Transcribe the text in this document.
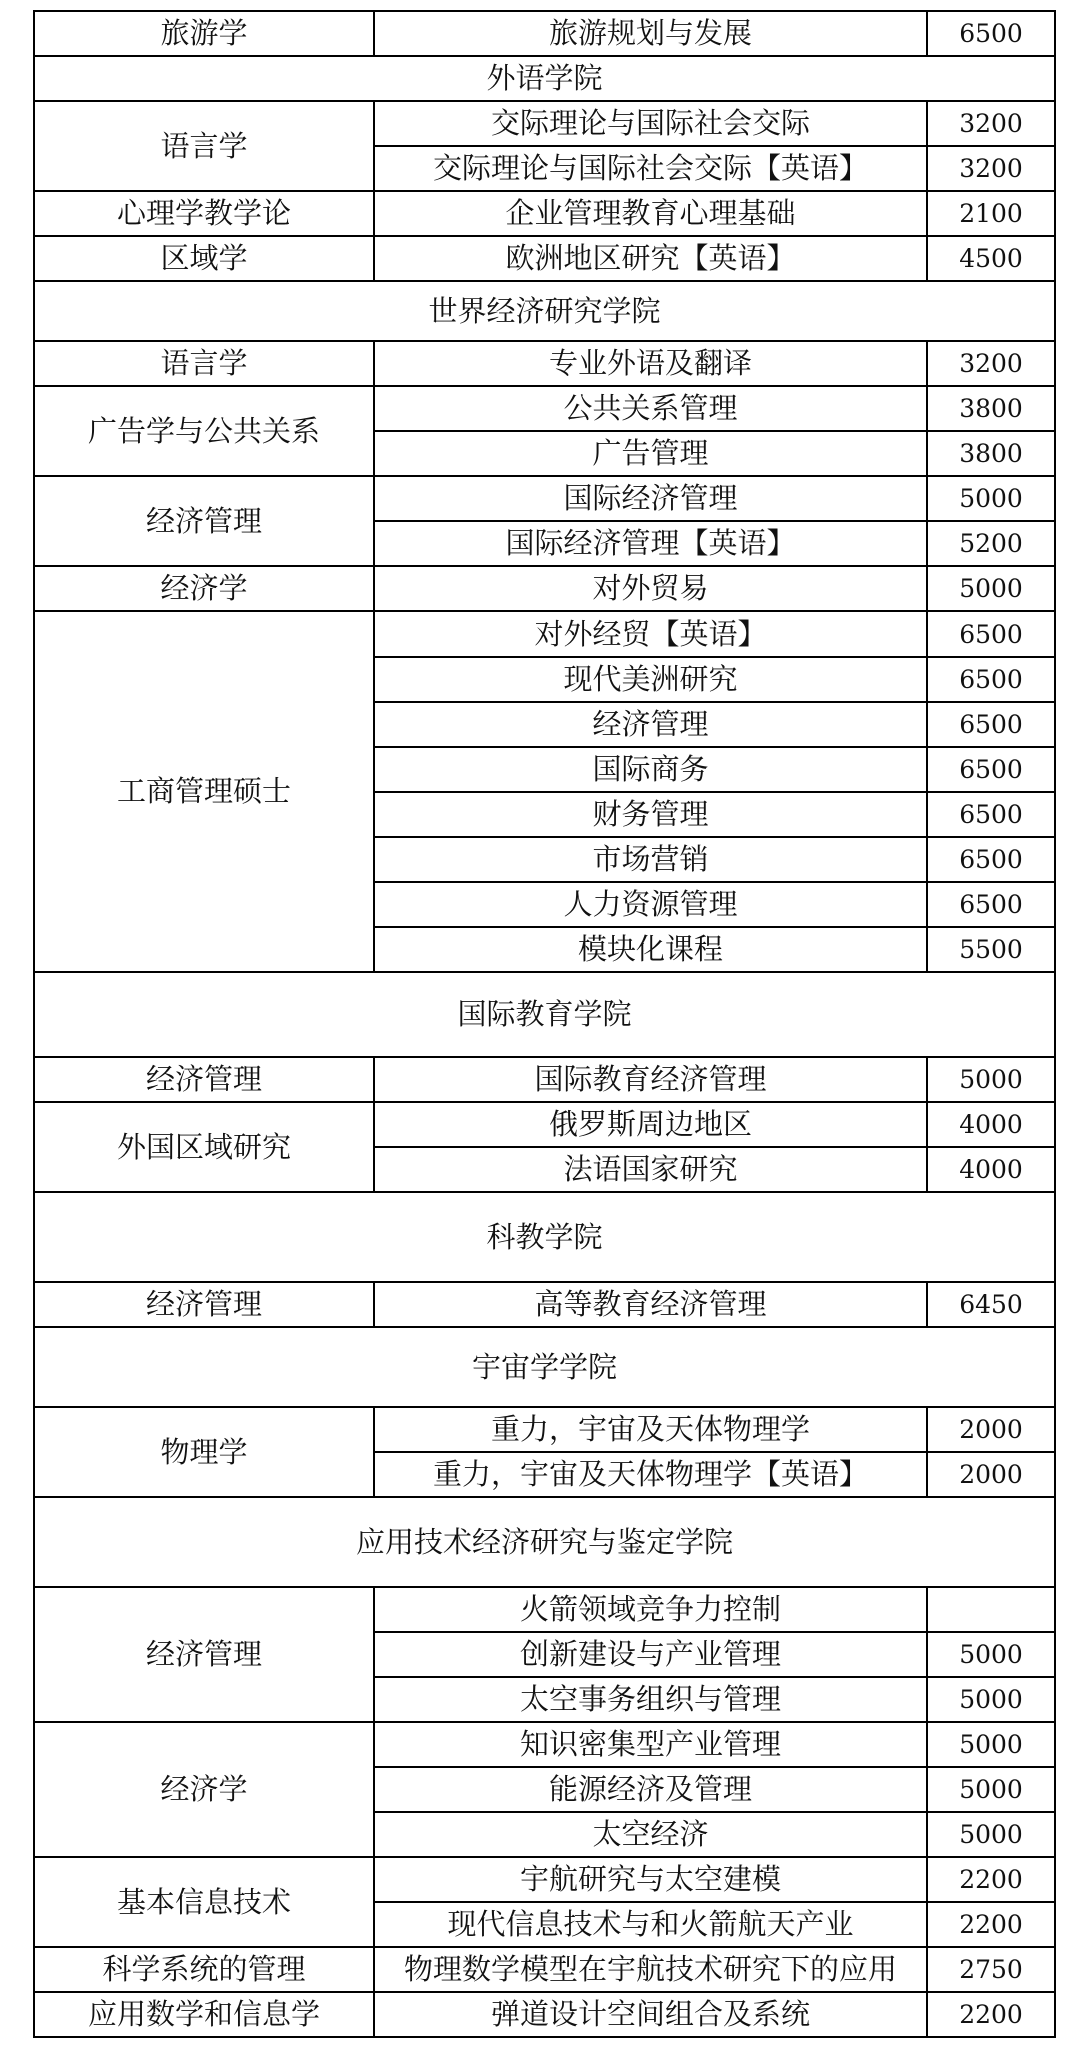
旅游学	旅游规划与发展	6500
外语学院		
语言学	交际理论与国际社会交际	3200
	交际理论与国际社会交际【英语】	3200
心理学教学论	企业管理教育心理基础	2100
区域学	欧洲地区研究【英语】	4500
世界经济研究学院		
语言学	专业外语及翻译	3200
广告学与公共关系	公共关系管理	3800
	广告管理	3800
经济管理	国际经济管理	5000
	国际经济管理【英语】	5200
经济学	对外贸易	5000
工商管理硕士	对外经贸【英语】	6500
	现代美洲研究	6500
	经济管理	6500
	国际商务	6500
	财务管理	6500
	市场营销	6500
	人力资源管理	6500
	模块化课程	5500
国际教育学院		
经济管理	国际教育经济管理	5000
外国区域研究	俄罗斯周边地区	4000
	法语国家研究	4000
科教学院		
经济管理	高等教育经济管理	6450
宇宙学学院		
物理学	重力，宇宙及天体物理学	2000
	重力，宇宙及天体物理学【英语】	2000
应用技术经济研究与鉴定学院		
经济管理	火箭领域竞争力控制	
	创新建设与产业管理	5000
	太空事务组织与管理	5000
经济学	知识密集型产业管理	5000
	能源经济及管理	5000
	太空经济	5000
基本信息技术	宇航研究与太空建模	2200
	现代信息技术与和火箭航天产业	2200
科学系统的管理	物理数学模型在宇航技术研究下的应用	2750
应用数学和信息学	弹道设计空间组合及系统	2200
